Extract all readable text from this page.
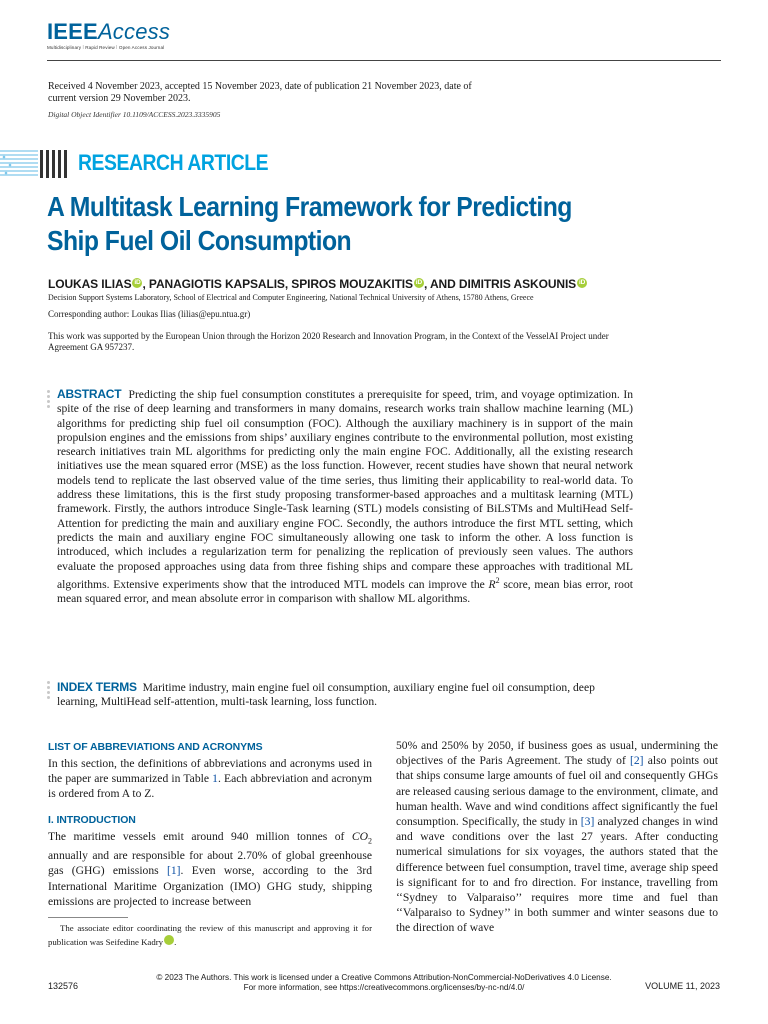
IEEEAccess
Multidisciplinary ⁞ Rapid Review ⁞ Open Access Journal
Received 4 November 2023, accepted 15 November 2023, date of publication 21 November 2023, date of current version 29 November 2023.
Digital Object Identifier 10.1109/ACCESS.2023.3335905
RESEARCH ARTICLE
A Multitask Learning Framework for Predicting Ship Fuel Oil Consumption
LOUKAS ILIAS iD , PANAGIOTIS KAPSALIS, SPIROS MOUZAKITIS iD , AND DIMITRIS ASKOUNIS iD
Decision Support Systems Laboratory, School of Electrical and Computer Engineering, National Technical University of Athens, 15780 Athens, Greece
Corresponding author: Loukas Ilias (lilias@epu.ntua.gr)
This work was supported by the European Union through the Horizon 2020 Research and Innovation Program, in the Context of the VesselAI Project under Agreement GA 957237.
ABSTRACT Predicting the ship fuel consumption constitutes a prerequisite for speed, trim, and voyage optimization. In spite of the rise of deep learning and transformers in many domains, research works train shallow machine learning (ML) algorithms for predicting ship fuel oil consumption (FOC). Although the auxiliary machinery is in support of the main propulsion engines and the emissions from ships’ auxiliary engines contribute to the environmental pollution, most existing research initiatives train ML algorithms for predicting only the main engine FOC. Additionally, all the existing research initiatives use the mean squared error (MSE) as the loss function. However, recent studies have shown that neural network models tend to replicate the last observed value of the time series, thus limiting their applicability to real-world data. To address these limitations, this is the first study proposing transformer-based approaches and a multitask learning (MTL) framework. Firstly, the authors introduce Single-Task learning (STL) models consisting of BiLSTMs and MultiHead Self-Attention for predicting the main and auxiliary engine FOC. Secondly, the authors introduce the first MTL setting, which predicts the main and auxiliary engine FOC simultaneously allowing one task to inform the other. A loss function is introduced, which includes a regularization term for penalizing the replication of previously seen values. The authors evaluate the proposed approaches using data from three fishing ships and compare these approaches with traditional ML algorithms. Extensive experiments show that the introduced MTL models can improve the $R^2$ score, mean bias error, root mean squared error, and mean absolute error in comparison with shallow ML algorithms.
INDEX TERMS Maritime industry, main engine fuel oil consumption, auxiliary engine fuel oil consumption, deep learning, MultiHead self-attention, multi-task learning, loss function.
LIST OF ABBREVIATIONS AND ACRONYMS
In this section, the definitions of abbreviations and acronyms used in the paper are summarized in Table 1. Each abbreviation and acronym is ordered from A to Z.
I. INTRODUCTION
The maritime vessels emit around 940 million tonnes of $CO_2$ annually and are responsible for about 2.70% of global greenhouse gas (GHG) emissions [1]. Even worse, according to the 3rd International Maritime Organization (IMO) GHG study, shipping emissions are projected to increase between
The associate editor coordinating the review of this manuscript and approving it for publication was Seifedine Kadry iD.
50% and 250% by 2050, if business goes as usual, undermining the objectives of the Paris Agreement. The study of [2] also points out that ships consume large amounts of fuel oil and consequently GHGs are released causing serious damage to the environment, climate, and human health. Wave and wind conditions affect significantly the fuel consumption. Specifically, the study in [3] analyzed changes in wind and wave conditions over the last 27 years. After conducting numerical simulations for six voyages, the authors stated that the difference between fuel consumption, travel time, average ship speed is significant for to and fro direction. For instance, travelling from ‘‘Sydney to Valparaiso’’ requires more time and fuel than ‘‘Valparaiso to Sydney’’ in both summer and winter seasons due to the direction of wave
© 2023 The Authors. This work is licensed under a Creative Commons Attribution-NonCommercial-NoDerivatives 4.0 License.
For more information, see https://creativecommons.org/licenses/by-nc-nd/4.0/
132576	VOLUME 11, 2023
